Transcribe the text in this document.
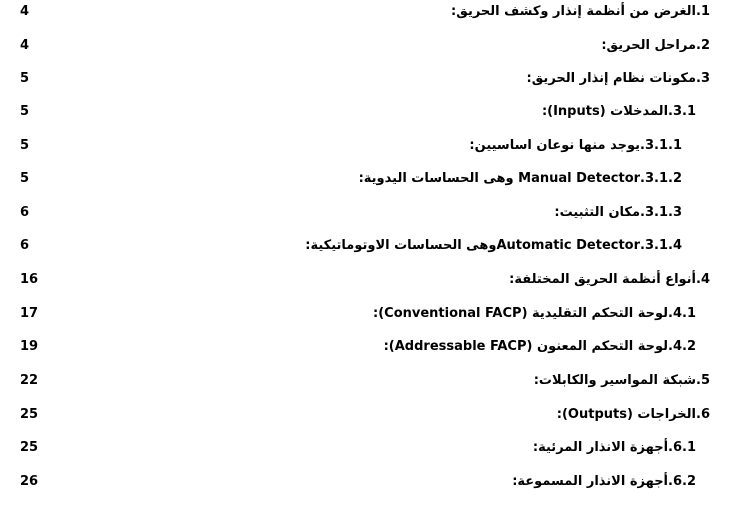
4	1.الغرض من أنظمة إنذار وكشف الحريق:
4	2.مراحل الحريق:
5	3.مكونات نظام إنذار الحريق:
5	3.1.المدخلات (Inputs):
5	3.1.1.يوجد منها نوعان اساسيين:
5	3.1.2.Manual Detector وهى الحساسات اليدوية:
6	3.1.3.مكان التثبيت:
6	3.1.4.Automatic Detectorوهى الحساسات الاوتوماتيكية:
16	4.أنواع أنظمة الحريق المختلفة:
17	4.1.لوحة التحكم التقليدية (Conventional FACP):
19	4.2.لوحة التحكم المعنون (Addressable FACP):
22	5.شبكة المواسير والكابلات:
25	6.الخراجات (Outputs):
25	6.1.أجهزة الانذار المرئية:
26	6.2.أجهزة الانذار المسموعة:
